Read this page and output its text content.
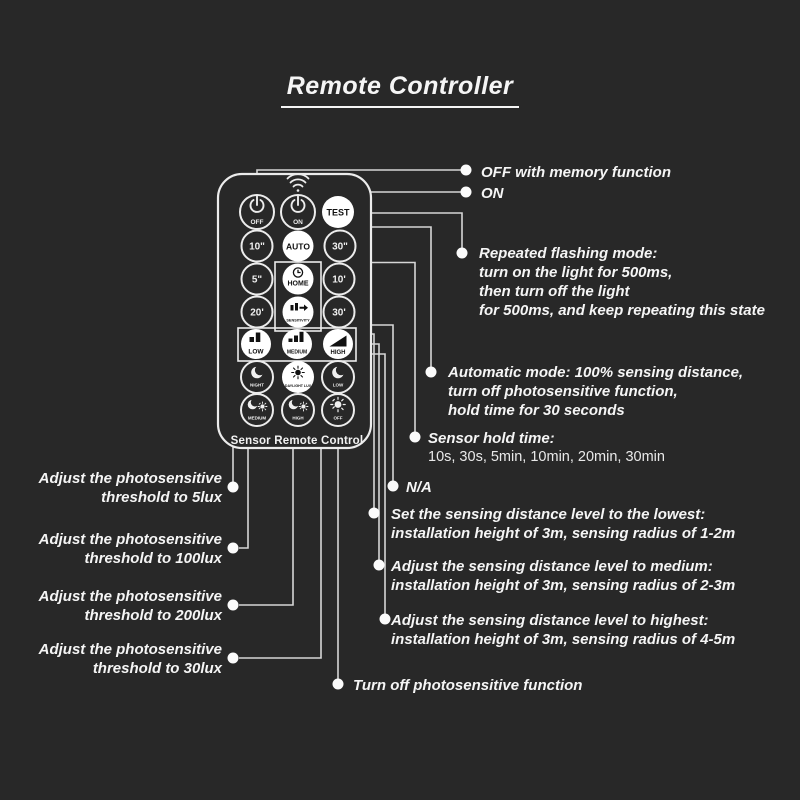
Remote Controller
OFF	ON
TEST
10" AUTO 30"
5"	HOME 10'
20'
SENSITIVITY
30'
LOW	MEDIUM	HIGH
NIGHT	DAYLIGHT LUX	LOW
MEDIUM	HIGH	OFF
Sensor Remote Control
OFF with memory function
ON
Repeated flashing mode:
turn on the light for 500ms,
then turn off the light
for 500ms, and keep repeating this state
Automatic mode: 100% sensing distance,
turn off photosensitive function,
hold time for 30 seconds
Sensor hold time:
10s, 30s, 5min, 10min, 20min, 30min
N/A
Set the sensing distance level to the lowest:
installation height of 3m, sensing radius of 1-2m
Adjust the sensing distance level to medium:
installation height of 3m, sensing radius of 2-3m
Adjust the sensing distance level to highest:
installation height of 3m, sensing radius of 4-5m
Turn off photosensitive function
Adjust the photosensitive
threshold to 5lux
Adjust the photosensitive
threshold to 100lux
Adjust the photosensitive
threshold to 200lux
Adjust the photosensitive
threshold to 30lux
